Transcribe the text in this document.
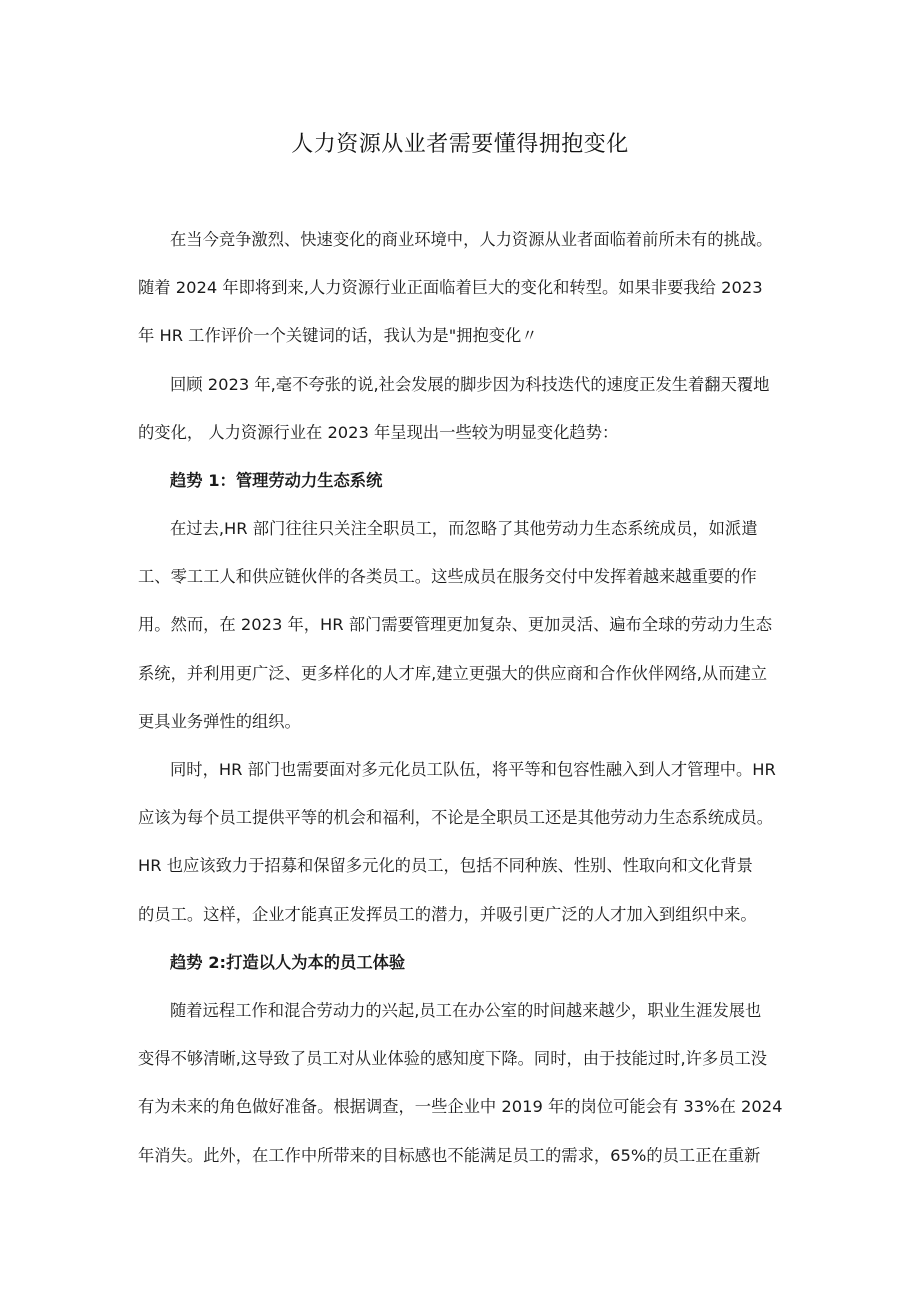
人力资源从业者需要懂得拥抱变化

在当今竞争激烈、快速变化的商业环境中，人力资源从业者面临着前所未有的挑战。

随着 2024 年即将到来,人力资源行业正面临着巨大的变化和转型。如果非要我给 2023

年 HR 工作评价一个关键词的话，我认为是"拥抱变化〃

回顾 2023 年,毫不夸张的说,社会发展的脚步因为科技迭代的速度正发生着翻天覆地

的变化， 人力资源行业在 2023 年呈现出一些较为明显变化趋势：

趋势 1：管理劳动力生态系统

在过去,HR 部门往往只关注全职员工，而忽略了其他劳动力生态系统成员，如派遣

工、零工工人和供应链伙伴的各类员工。这些成员在服务交付中发挥着越来越重要的作

用。然而，在 2023 年，HR 部门需要管理更加复杂、更加灵活、遍布全球的劳动力生态

系统，并利用更广泛、更多样化的人才库,建立更强大的供应商和合作伙伴网络,从而建立

更具业务弹性的组织。

同时，HR 部门也需要面对多元化员工队伍，将平等和包容性融入到人才管理中。HR

应该为每个员工提供平等的机会和福利，不论是全职员工还是其他劳动力生态系统成员。

HR 也应该致力于招募和保留多元化的员工，包括不同种族、性别、性取向和文化背景

的员工。这样，企业才能真正发挥员工的潜力，并吸引更广泛的人才加入到组织中来。

趋势 2:打造以人为本的员工体验

随着远程工作和混合劳动力的兴起,员工在办公室的时间越来越少，职业生涯发展也

变得不够清晰,这导致了员工对从业体验的感知度下降。同时，由于技能过时,许多员工没

有为未来的角色做好准备。根据调查，一些企业中 2019 年的岗位可能会有 33%在 2024

年消失。此外，在工作中所带来的目标感也不能满足员工的需求，65%的员工正在重新
